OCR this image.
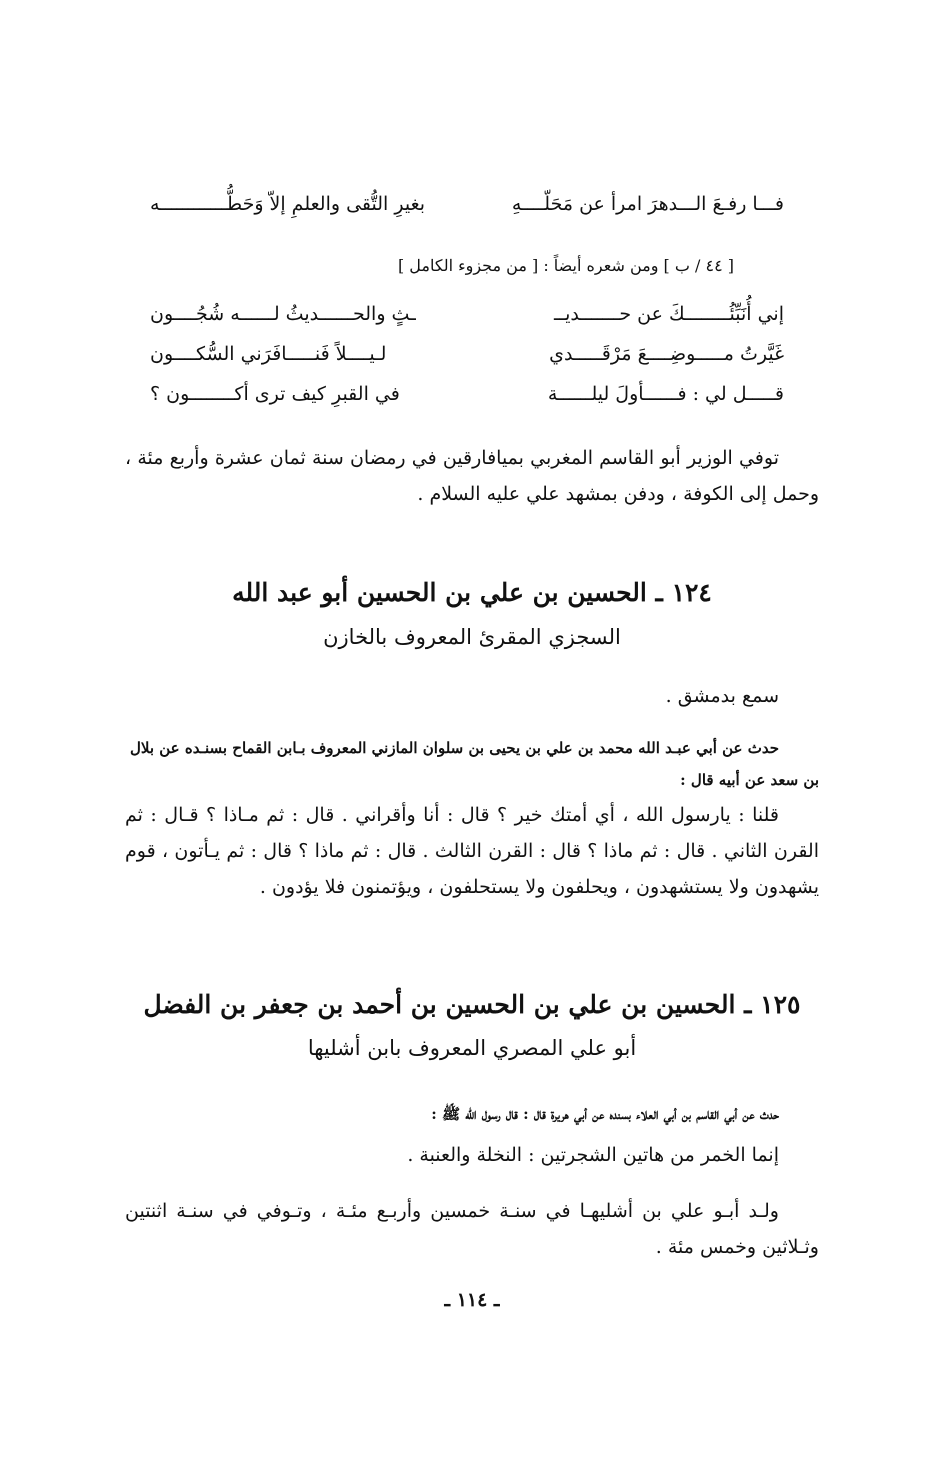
فـــا رفـعَ الـــدهرَ امرأ عن مَحَلّــــهِ
بغيرِ التُّقى والعلمِ إلاّ وَحَطُّــــــــــــه
[ ٤٤ / ب ] ومن شعره أيضاً : [ من مجزوء الكامل ]
إني أُنَبِّئُــــــــكَ عن حـــــــديــ
ـثٍ والحــــــديثُ لــــــه شُجُــــون
غَيَّرتُ مـــــوضِــــعَ مَرْقَـــــدي
لـيــــلاً فَنـــــافَرَني السُّكــــون
قـــــل لي : فــــــأولَ ليلــــــة
في القبرِ كيف ترى أكــــــــون ؟
توفي الوزير أبو القاسم المغربي بميافارقين في رمضان سنة ثمان عشرة وأربع مئة ، وحمل إلى الكوفة ، ودفن بمشهد علي عليه السلام .
١٢٤ ـ الحسين بن علي بن الحسين أبو عبد الله
السجزي المقرئ المعروف بالخازن
سمع بدمشق .
حدث عن أبي عبـد الله محمد بن علي بن يحيى بن سلوان المازني المعروف بـابن القماح بسنـده عن بلال بن سعد عن أبيه قال :
قلنا : يارسول الله ، أي أمتك خير ؟ قال : أنا وأقراني . قال : ثم مـاذا ؟ قـال : ثم القرن الثاني . قال : ثم ماذا ؟ قال : القرن الثالث . قال : ثم ماذا ؟ قال : ثم يـأتون ، قوم يشهدون ولا يستشهدون ، ويحلفون ولا يستحلفون ، ويؤتمنون فلا يؤدون .
١٢٥ ـ الحسين بن علي بن الحسين بن أحمد بن جعفر بن الفضل
أبو علي المصري المعروف بابن أشليها
حدث عن أبي القاسم بن أبي العلاء بسنده عن أبي هريرة قال : قال رسول الله ﷺ :
إنما الخمر من هاتين الشجرتين : النخلة والعنبة .
ولـد أبـو علي بن أشليهـا في سنـة خمسين وأربـع مئـة ، وتـوفي في سنـة اثنتين وثـلاثين وخمس مئة .
ـ ١١٤ ـ
